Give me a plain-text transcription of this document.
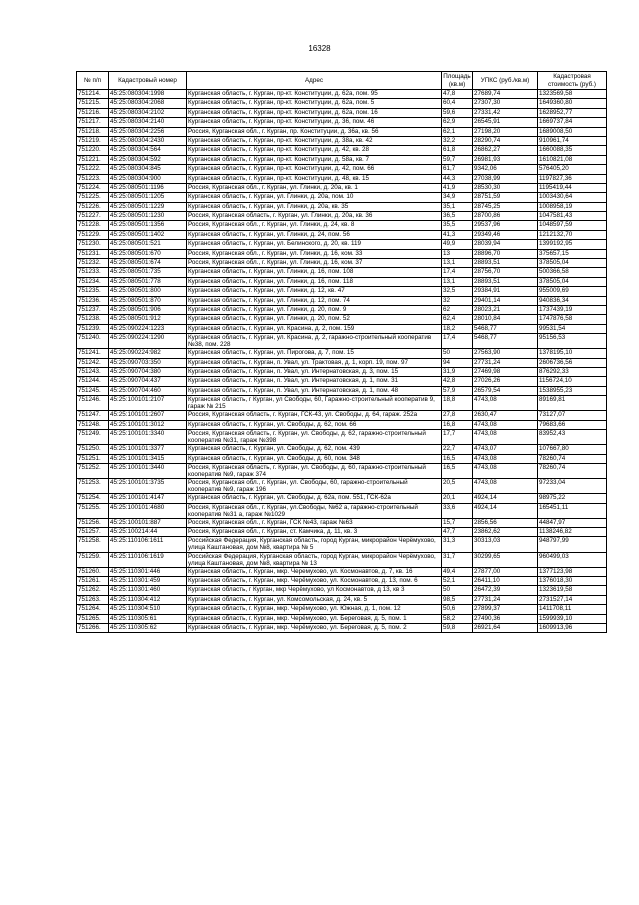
16328
№ п/п	Кадастровый номер	Адрес	Площадь (кв.м)	УПКС (руб./кв.м)	Кадастровая стоимость (руб.)
751214.	45:25:080304:1998	Курганская область, г. Курган, пр-кт. Конституции, д. 62а, пом. 95	47,8	27689,74	1323569,58
751215.	45:25:080304:2068	Курганская область, г. Курган, пр-кт. Конституции, д. 62а, пом. 5	60,4	27307,30	1649360,80
751216.	45:25:080304:2102	Курганская область, г. Курган, пр-кт. Конституции, д. 62а, пом. 16	59,6	27331,42	1628952,77
751217.	45:25:080304:2140	Курганская область, г. Курган, пр-кт. Конституции, д. 36, пом. 46	62,9	26545,91	1669737,84
751218.	45:25:080304:2256	Россия, Курганская обл., г. Курган, пр. Конституции, д. 36а, кв. 56	62,1	27198,20	1689008,50
751219.	45:25:080304:2430	Курганская область, г. Курган, пр-кт. Конституции, д. 38а, кв. 42	32,2	28290,74	910961,74
751220.	45:25:080304:564	Курганская область, г. Курган, пр-кт. Конституции, д. 42, кв. 28	61,8	26862,27	1660088,35
751221.	45:25:080304:592	Курганская область, г. Курган, пр-кт. Конституции, д. 58а, кв. 7	59,7	26981,93	1610821,08
751222.	45:25:080304:845	Курганская область, г. Курган, пр-кт. Конституции, д. 42, пом. 66	61,7	9342,06	576405,20
751223.	45:25:080304:900	Курганская область, г. Курган, пр-кт. Конституции, д. 48, кв. 15	44,3	27038,99	1197827,36
751224.	45:25:080501:1196	Россия, Курганская обл., г. Курган, ул. Глинки, д. 20а, кв. 1	41,9	28530,30	1195419,44
751225.	45:25:080501:1205	Курганская область, г. Курган, ул. Глинки, д. 20а, пом. 10	34,9	28751,59	1003430,64
751226.	45:25:080501:1229	Курганская область, г. Курган, ул. Глинки, д. 20а, кв. 35	35,1	28745,25	1008958,19
751227.	45:25:080501:1230	Россия, Курганская область, г. Курган, ул. Глинки, д. 20а, кв. 36	36,5	28700,86	1047581,43
751228.	45:25:080501:1356	Россия, Курганская обл., г. Курган, ул. Глинки, д. 24, кв. 8	35,5	29537,96	1048597,59
751229.	45:25:080501:1402	Курганская область, г. Курган, ул. Глинки, д. 24, пом. 56	41,3	29349,46	1212132,70
751230.	45:25:080501:521	Курганская область, г. Курган, ул. Белинского, д. 20, кв. 119	49,9	28039,94	1399192,95
751231.	45:25:080501:670	Россия, Курганская обл., г. Курган, ул. Глинки, д. 16, ком. 33	13	28896,70	375657,15
751232.	45:25:080501:674	Россия, Курганская обл., г. Курган, ул. Глинки, д. 16, ком. 37	13,1	28893,51	378505,04
751233.	45:25:080501:735	Курганская область, г. Курган, ул. Глинки, д. 16, пом. 108	17,4	28756,70	500366,58
751234.	45:25:080501:778	Курганская область, г. Курган, ул. Глинки, д. 16, пом. 118	13,1	28893,51	378505,04
751235.	45:25:080501:800	Курганская область, г. Курган, ул. Глинки, д. 12, кв. 47	32,5	29384,91	955009,69
751236.	45:25:080501:870	Курганская область, г. Курган, ул. Глинки, д. 12, пом. 74	32	29401,14	940836,34
751237.	45:25:080501:906	Курганская область, г. Курган, ул. Глинки, д. 20, пом. 9	62	28023,21	1737439,19
751238.	45:25:080501:912	Курганская область, г. Курган, ул. Глинки, д. 20, пом. 52	62,4	28010,84	1747876,58
751239.	45:25:090224:1223	Курганская область, г. Курган, ул. Красина, д. 2, пом. 159	18,2	5468,77	99531,54
751240.	45:25:090224:1290	Курганская область, г. Курган, ул. Красина, д. 2, гаражно-строительный кооператив №38, пом. 228	17,4	5468,77	95156,53
751241.	45:25:090224:982	Курганская область, г. Курган, ул. Пирогова, д. 7, пом. 15	50	27563,90	1378195,10
751242.	45:25:090703:350	Курганская область, г. Курган, п. Увал, ул. Трактовая, д. 1, корп. 19, пом. 97	94	27731,24	2606736,56
751243.	45:25:090704:380	Курганская область, г. Курган, п. Увал, ул. Интернатовская, д. 3, пом. 15	31,9	27469,98	876292,33
751244.	45:25:090704:437	Курганская область, г. Курган, п. Увал, ул. Интернатовская, д. 1, пом. 31	42,8	27026,26	1156724,10
751245.	45:25:090704:460	Курганская область, г. Курган, п. Увал, ул. Интернатовская, д. 1, пом. 48	57,9	26579,54	1538955,23
751246.	45:25:100101:2107	Курганская область, г Курган, ул Свободы, 60, Гаражно-строительный кооператив 9, гараж № 215	18,8	4743,08	89169,81
751247.	45:25:100101:2607	Россия, Курганская область, г. Курган, ГСК-43, ул. Свободы, д. 64, гараж. 252а	27,8	2630,47	73127,07
751248.	45:25:100101:3012	Курганская область, г. Курган, ул. Свободы, д. 62, пом. 66	16,8	4743,08	79683,66
751249.	45:25:100101:3340	Россия, Курганская область, г. Курган, ул. Свободы, д. 62, гаражно-строительный кооператив №31, гараж №398	17,7	4743,08	83952,43
751250.	45:25:100101:3377	Курганская область, г. Курган, ул. Свободы, д. 62, пом. 439	22,7	4743,07	107667,80
751251.	45:25:100101:3415	Курганская область, г. Курган, ул. Свободы, д. 60, пом. 348	16,5	4743,08	78260,74
751252.	45:25:100101:3440	Россия, Курганская область, г. Курган, ул. Свободы, д. 60, гаражно-строительный кооператив №9, гараж 374	16,5	4743,08	78260,74
751253.	45:25:100101:3735	Россия, Курганская обл., г. Курган, ул. Свободы, 60, гаражно-строительный кооператив №9, гараж 196	20,5	4743,08	97233,04
751254.	45:25:100101:4147	Курганская область, г. Курган, ул. Свободы, д. 62а, пом. 551, ГСК-62а	20,1	4924,14	98975,22
751255.	45:25:100101:4680	Россия, Курганская обл., г. Курган, ул.Свободы, №62 а, гаражно-строительный кооператив №31 а, гараж №1029	33,6	4924,14	165451,11
751256.	45:25:100101:887	Россия, Курганская обл., г. Курган, ГСК №43, гараж №63	15,7	2856,56	44847,97
751257.	45:25:100214:44	Россия, Курганская обл., г. Курган, ст. Камчика, д. 11, кв. 3	47,7	23862,62	1138246,82
751258.	45:25:110106:1611	Российская Федерация, Курганская область, город Курган, микрорайон Черёмухово, улица Каштановая, дом №8, квартира № 5	31,3	30313,03	948797,99
751259.	45:25:110106:1619	Российская Федерация, Курганская область, город Курган, микрорайон Черёмухово, улица Каштановая, дом №8, квартира № 13	31,7	30299,65	960499,03
751260.	45:25:110301:446	Курганская область, г. Курган, мкр. Черемухово, ул. Космонавтов, д. 7, кв. 16	49,4	27877,00	1377123,98
751261.	45:25:110301:459	Курганская область, г. Курган, мкр. Черёмухово, ул. Космонавтов, д. 13, пом. 6	52,1	26411,10	1376018,30
751262.	45:25:110301:460	Курганская область, г Курган, мкр Черёмухово, ул Космонавтов, д 13, кв 3	50	26472,39	1323619,58
751263.	45:25:110304:412	Курганская область, г. Курган, ул. Комсомольская, д. 24, кв. 5	98,5	27731,24	2731527,14
751264.	45:25:110304:510	Курганская область, г. Курган, мкр. Черёмухово, ул. Южная, д. 1, пом. 12	50,6	27899,37	1411708,11
751265.	45:25:110305:61	Курганская область, г. Курган, мкр. Черёмухово, ул. Береговая, д. 5, пом. 1	58,2	27490,36	1599939,10
751266.	45:25:110305:62	Курганская область, г. Курган, мкр. Черёмухово, ул. Береговая, д. 5, пом. 2	59,8	26921,64	1609913,96
